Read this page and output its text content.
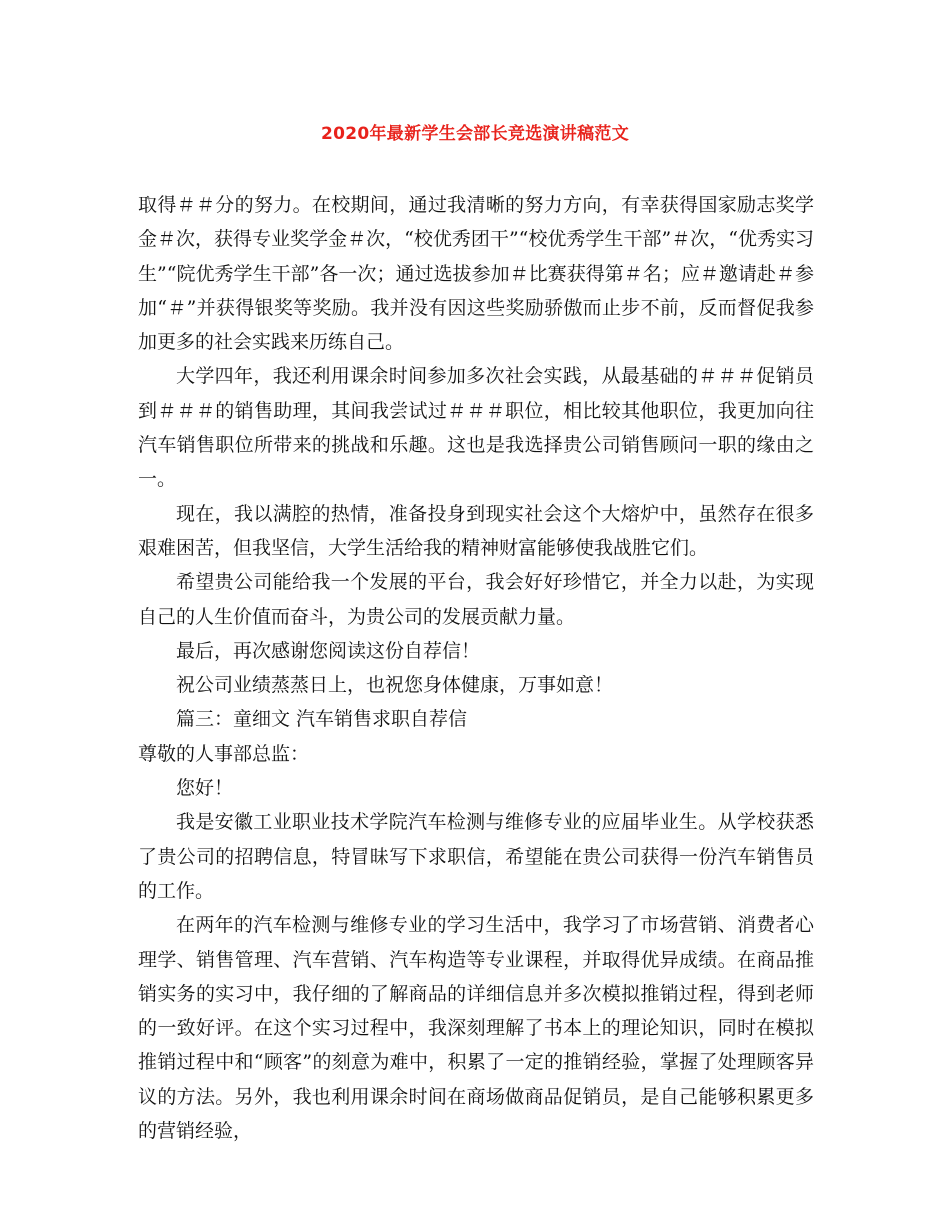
2020年最新学生会部长竞选演讲稿范文

取得＃＃分的努力。在校期间，通过我清晰的努力方向，有幸获得国家励志奖学金＃次，获得专业奖学金＃次，“校优秀团干”“校优秀学生干部”＃次，“优秀实习生”“院优秀学生干部”各一次；通过选拔参加＃比赛获得第＃名；应＃邀请赴＃参加“＃”并获得银奖等奖励。我并没有因这些奖励骄傲而止步不前，反而督促我参加更多的社会实践来历练自己。

大学四年，我还利用课余时间参加多次社会实践，从最基础的＃＃＃促销员到＃＃＃的销售助理，其间我尝试过＃＃＃职位，相比较其他职位，我更加向往汽车销售职位所带来的挑战和乐趣。这也是我选择贵公司销售顾问一职的缘由之一。

现在，我以满腔的热情，准备投身到现实社会这个大熔炉中，虽然存在很多艰难困苦，但我坚信，大学生活给我的精神财富能够使我战胜它们。

希望贵公司能给我一个发展的平台，我会好好珍惜它，并全力以赴，为实现自己的人生价值而奋斗，为贵公司的发展贡献力量。

最后，再次感谢您阅读这份自荐信！

祝公司业绩蒸蒸日上，也祝您身体健康，万事如意！

篇三：童细文 汽车销售求职自荐信

尊敬的人事部总监：

您好！

我是安徽工业职业技术学院汽车检测与维修专业的应届毕业生。从学校获悉了贵公司的招聘信息，特冒昧写下求职信，希望能在贵公司获得一份汽车销售员的工作。

在两年的汽车检测与维修专业的学习生活中，我学习了市场营销、消费者心理学、销售管理、汽车营销、汽车构造等专业课程，并取得优异成绩。在商品推销实务的实习中，我仔细的了解商品的详细信息并多次模拟推销过程，得到老师的一致好评。在这个实习过程中，我深刻理解了书本上的理论知识，同时在模拟推销过程中和“顾客”的刻意为难中，积累了一定的推销经验，掌握了处理顾客异议的方法。另外，我也利用课余时间在商场做商品促销员，是自己能够积累更多的营销经验，
